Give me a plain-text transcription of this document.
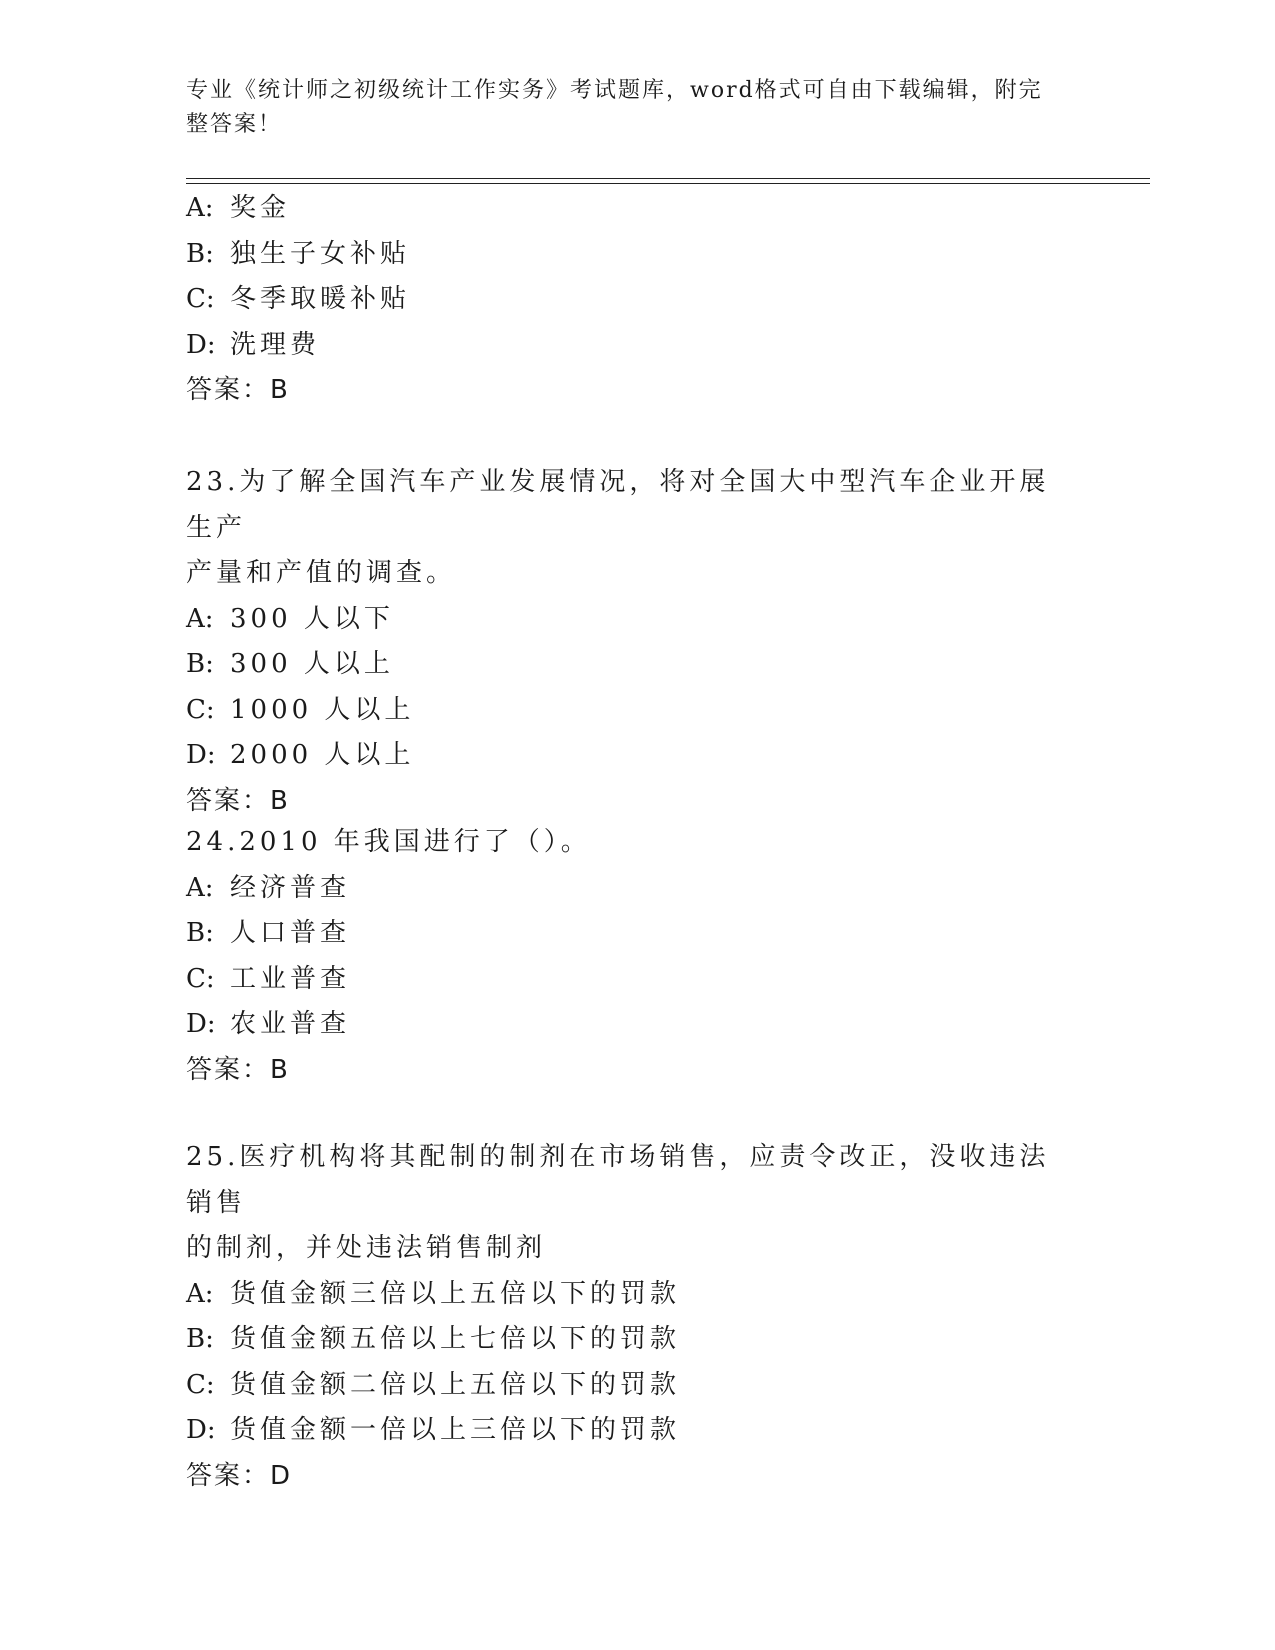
专业《统计师之初级统计工作实务》考试题库，word格式可自由下载编辑，附完
整答案！
A: 奖金
B: 独生子女补贴
C: 冬季取暖补贴
D: 洗理费
答案：B
23.为了解全国汽车产业发展情况，将对全国大中型汽车企业开展生产
产量和产值的调查。
A: 300 人以下
B: 300 人以上
C: 1000 人以上
D: 2000 人以上
答案：B
24.2010 年我国进行了（）。
A: 经济普查
B: 人口普查
C: 工业普查
D: 农业普查
答案：B
25.医疗机构将其配制的制剂在市场销售，应责令改正，没收违法销售
的制剂，并处违法销售制剂
A: 货值金额三倍以上五倍以下的罚款
B: 货值金额五倍以上七倍以下的罚款
C: 货值金额二倍以上五倍以下的罚款
D: 货值金额一倍以上三倍以下的罚款
答案：D
